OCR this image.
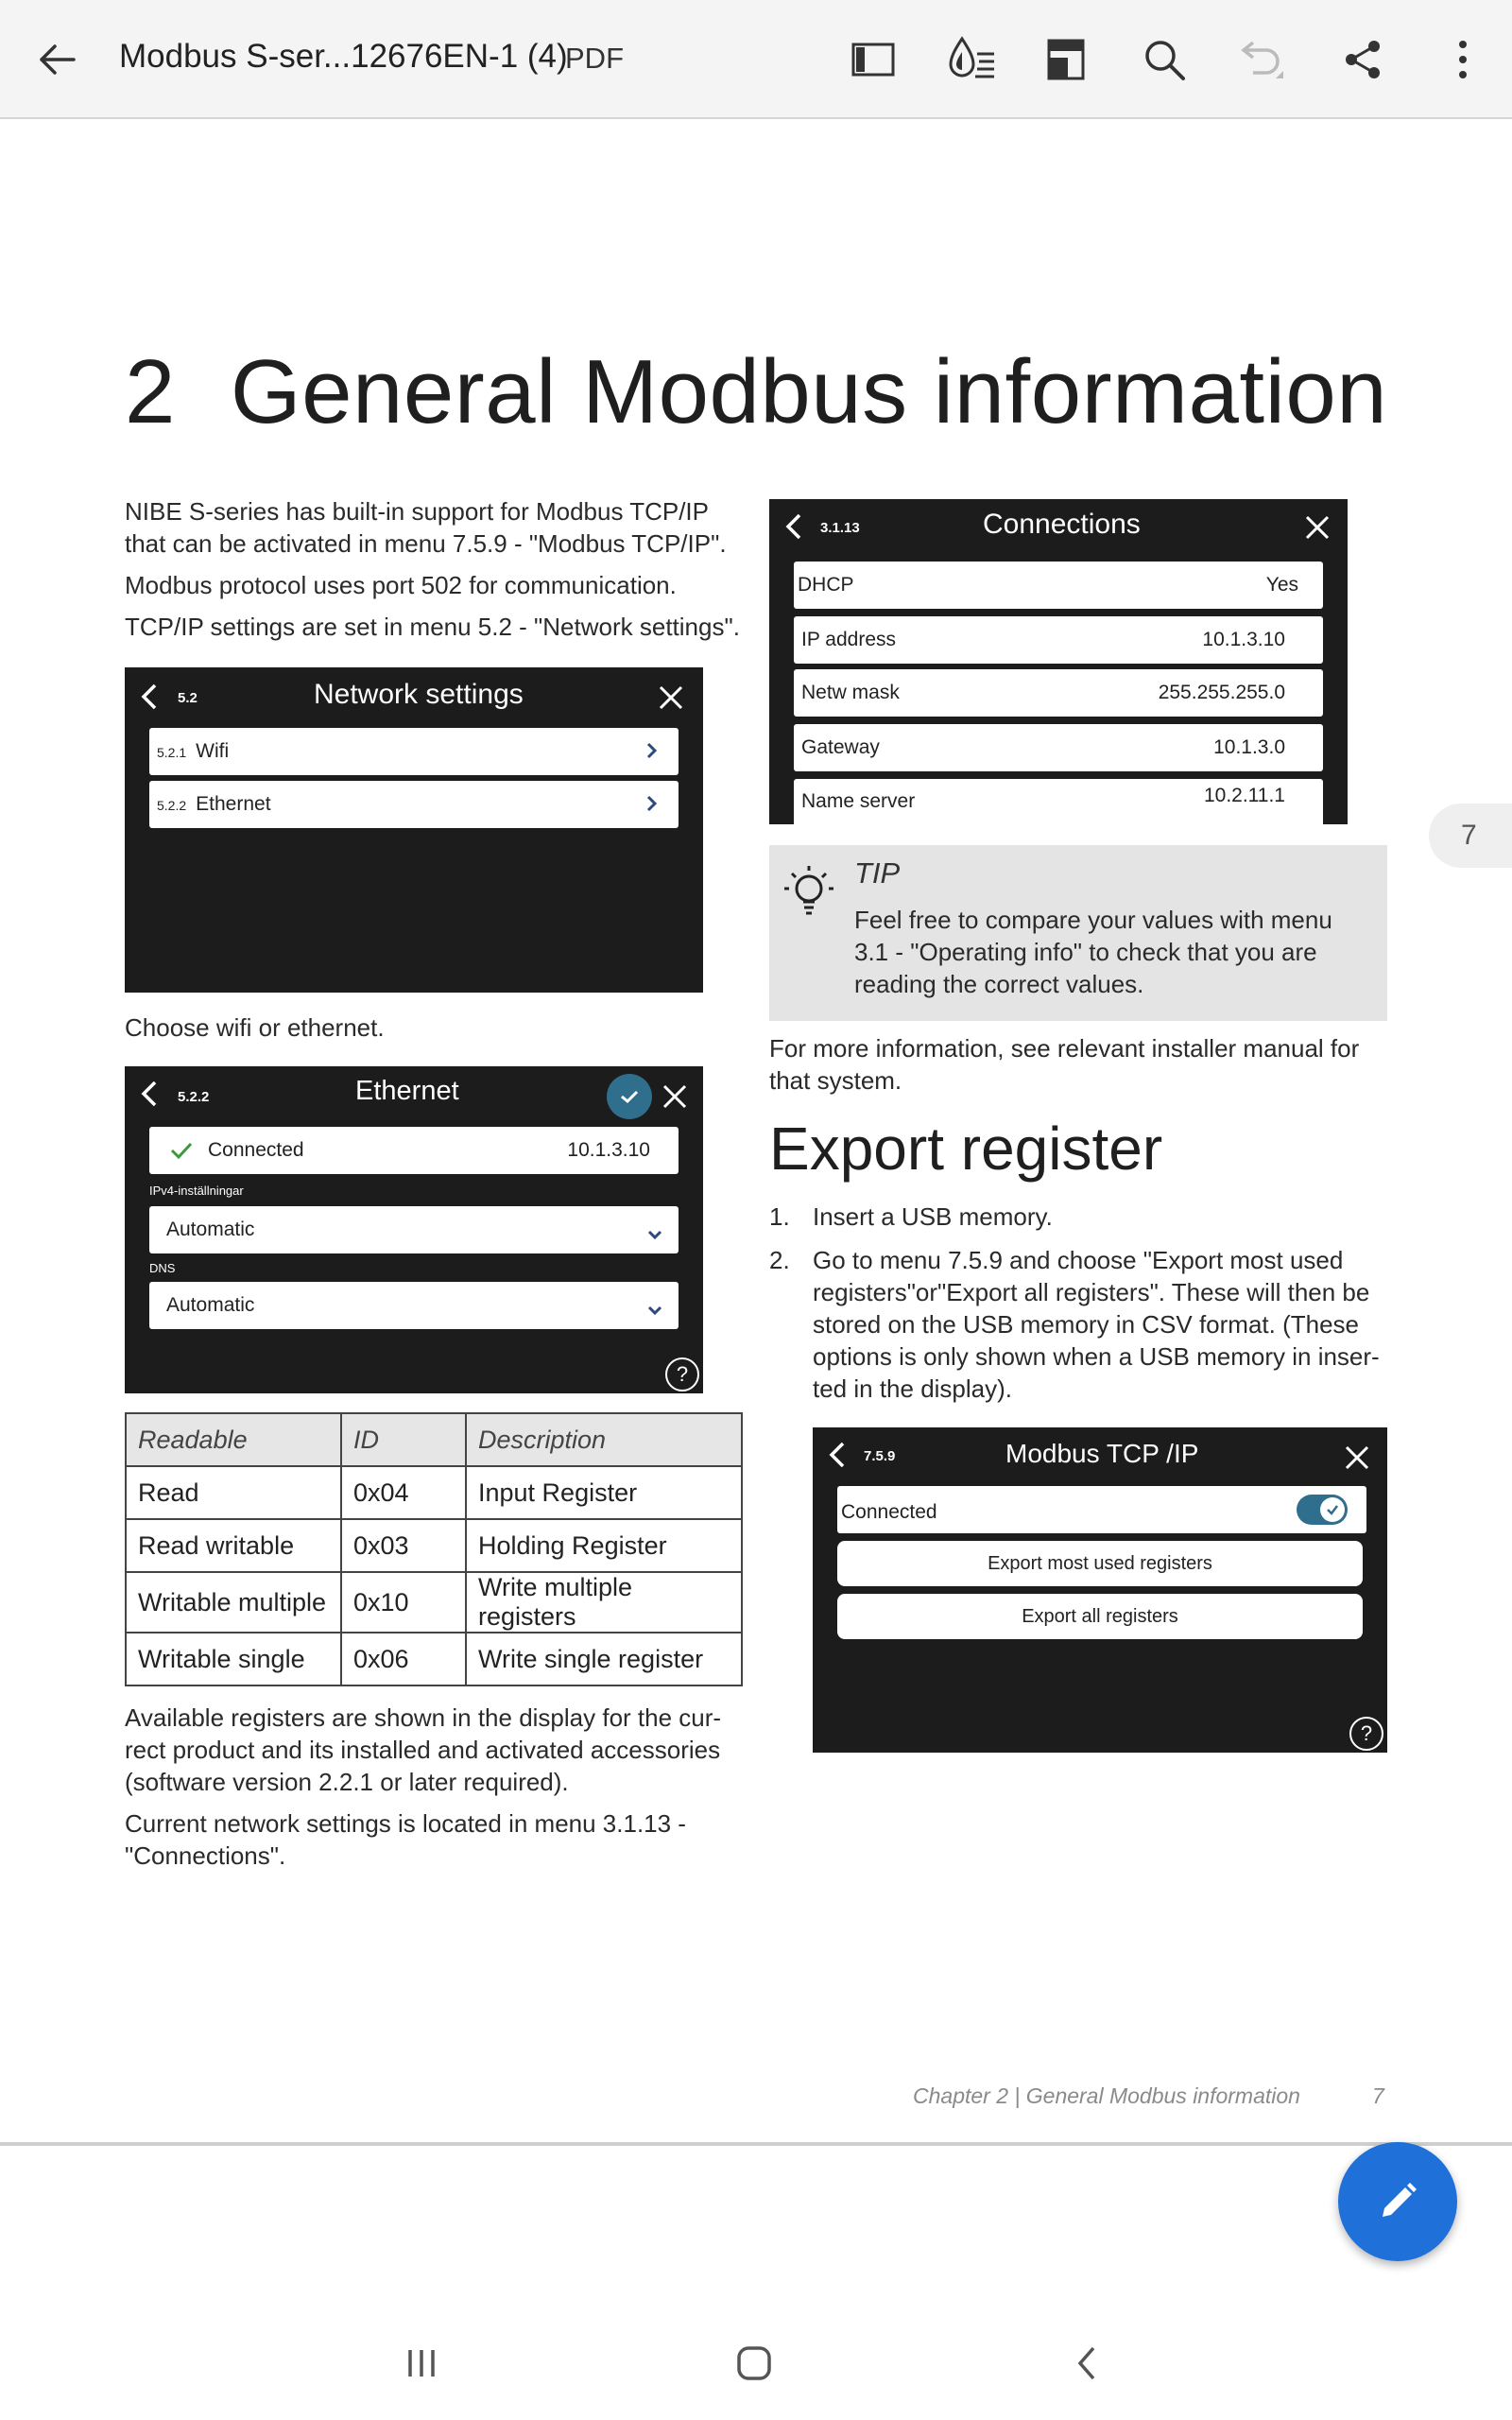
Modbus S-ser...12676EN-1 (4)
PDF
2 General Modbus information
NIBE S-series has built-in support for Modbus TCP/IP that can be activated in menu 7.5.9 - "Modbus TCP/IP".
Modbus protocol uses port 502 for communication.
TCP/IP settings are set in menu 5.2 - "Network settings".
5.2	Network settings
5.2.1 Wifi
5.2.2 Ethernet
Choose wifi or ethernet.
5.2.2	Ethernet
Connected	10.1.3.10
IPv4-inställningar
Automatic
DNS
Automatic
?
Readable	ID	Description
Read	0x04	Input Register
Read writable	0x03	Holding Register
Writable multiple	0x10	Write multiple registers
Writable single	0x06	Write single register
Available registers are shown in the display for the cur-rect product and its installed and activated accessories (software version 2.2.1 or later required).
Current network settings is located in menu 3.1.13 - "Connections".
3.1.13	Connections
DHCP	Yes
IP address	10.1.3.10
Netw mask	255.255.255.0
Gateway	10.1.3.0
Name server	10.2.11.1
7
TIP
Feel free to compare your values with menu 3.1 - "Operating info" to check that you are reading the correct values.
For more information, see relevant installer manual for that system.
Export register
1. Insert a USB memory.
2. Go to menu 7.5.9 and choose "Export most used registers"or"Export all registers". These will then be stored on the USB memory in CSV format. (These options is only shown when a USB memory in inser-ted in the display).
7.5.9	Modbus TCP /IP
Connected
Export most used registers
Export all registers
?
Chapter 2 | General Modbus information	7
